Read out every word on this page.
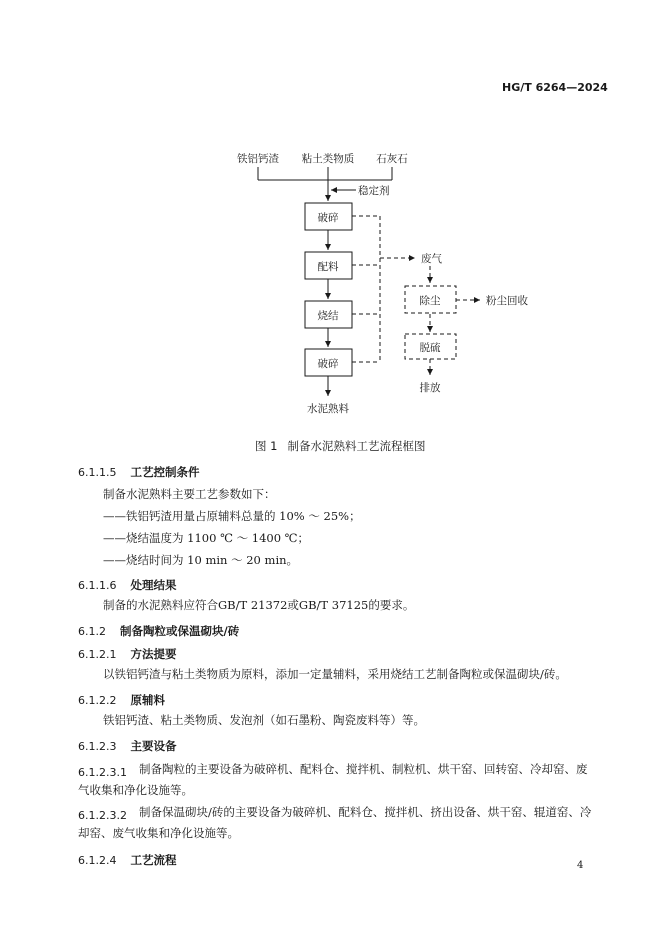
HG/T 6264—2024
铁铝钙渣 粘土类物质 石灰石
稳定剂
破碎
配料
烧结
破碎
水泥熟料
废气
除尘	粉尘回收
脱硫
排放
图 1 制备水泥熟料工艺流程框图
6.1.1.5 工艺控制条件
制备水泥熟料主要工艺参数如下：
——铁铝钙渣用量占原辅料总量的 10% ～ 25%；
——烧结温度为 1100 ℃ ～ 1400 ℃；
——烧结时间为 10 min ～ 20 min。
6.1.1.6 处理结果
制备的水泥熟料应符合GB/T 21372或GB/T 37125的要求。
6.1.2 制备陶粒或保温砌块/砖
6.1.2.1 方法提要
以铁铝钙渣与粘土类物质为原料，添加一定量辅料，采用烧结工艺制备陶粒或保温砌块/砖。
6.1.2.2 原辅料
铁铝钙渣、粘土类物质、发泡剂（如石墨粉、陶瓷废料等）等。
6.1.2.3 主要设备
6.1.2.3.1 制备陶粒的主要设备为破碎机、配料仓、搅拌机、制粒机、烘干窑、回转窑、冷却窑、废
气收集和净化设施等。
6.1.2.3.2 制备保温砌块/砖的主要设备为破碎机、配料仓、搅拌机、挤出设备、烘干窑、辊道窑、冷
却窑、废气收集和净化设施等。
6.1.2.4 工艺流程	4
